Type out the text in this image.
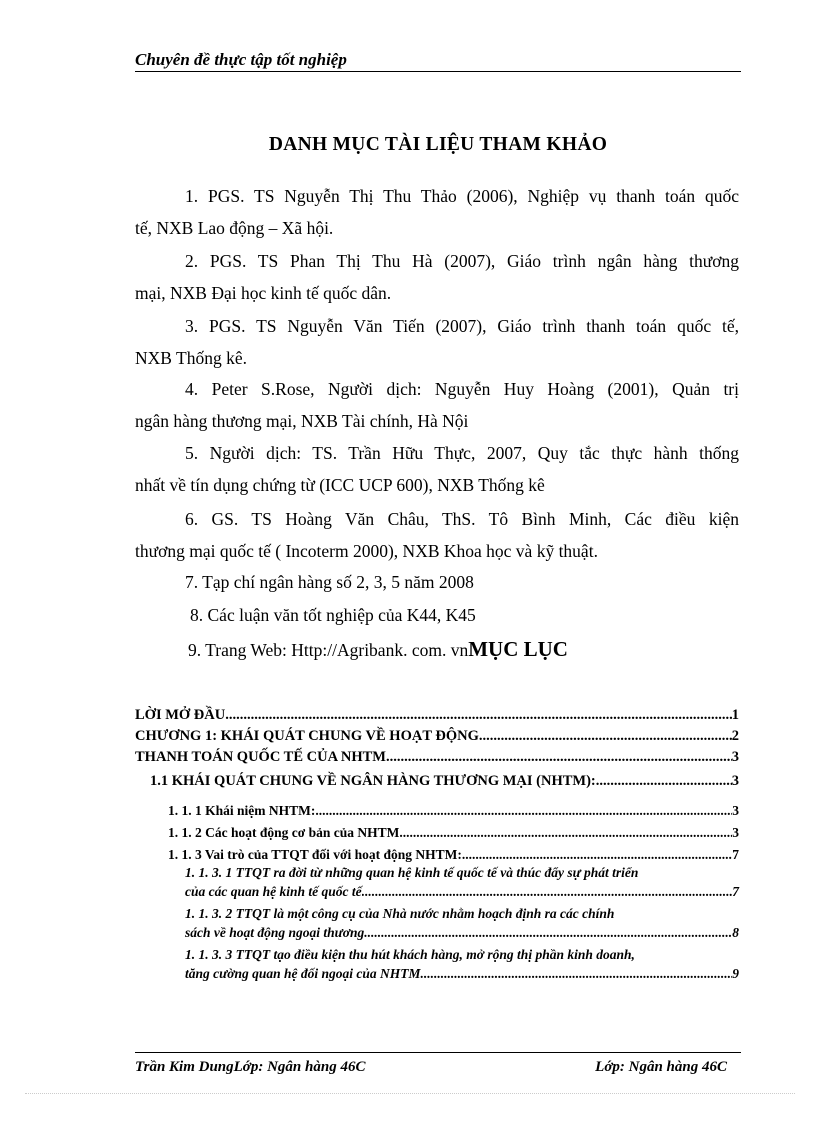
Chuyên đề thực tập tốt nghiệp
DANH MỤC TÀI LIỆU THAM KHẢO
1. PGS. TS Nguyễn Thị Thu Thảo (2006), Nghiệp vụ thanh toán quốc
tế, NXB Lao động – Xã hội.
2. PGS. TS Phan Thị Thu Hà (2007), Giáo trình ngân hàng thương
mại, NXB Đại học kinh tế quốc dân.
3. PGS. TS Nguyễn Văn Tiến (2007), Giáo trình thanh toán quốc tế,
NXB Thống kê.
4. Peter S.Rose, Người dịch: Nguyễn Huy Hoàng (2001), Quản trị
ngân hàng thương mại, NXB Tài chính, Hà Nội
5. Người dịch: TS. Trần Hữu Thực, 2007, Quy tắc thực hành thống
nhất về tín dụng chứng từ (ICC UCP 600), NXB Thống kê
6. GS. TS Hoàng Văn Châu, ThS. Tô Bình Minh, Các điều kiện
thương mại quốc tế ( Incoterm 2000), NXB Khoa học và kỹ thuật.
7. Tạp chí ngân hàng số 2, 3, 5 năm 2008
8. Các luận văn tốt nghiệp của K44, K45
9. Trang Web: Http://Agribank. com. vnMỤC LỤC
LỜI MỞ ĐẦU .....	1
CHƯƠNG 1: KHÁI QUÁT CHUNG VỀ HOẠT ĐỘNG .....	2
THANH TOÁN QUỐC TẾ CỦA NHTM .....	3
1.1 KHÁI QUÁT CHUNG VỀ NGÂN HÀNG THƯƠNG MẠI (NHTM): .....	3
1. 1. 1 Khái niệm NHTM: .....	3
1. 1. 2 Các hoạt động cơ bản của NHTM .....	3
1. 1. 3 Vai trò của TTQT đối với hoạt động NHTM: .....	7
1. 1. 3. 1 TTQT ra đời từ những quan hệ kinh tế quốc tế và thúc đẩy sự phát triển
của các quan hệ kinh tế quốc tế .....	7
1. 1. 3. 2 TTQT là một công cụ của Nhà nước nhằm hoạch định ra các chính
sách về hoạt động ngoại thương .....	8
1. 1. 3. 3 TTQT tạo điều kiện thu hút khách hàng, mở rộng thị phần kinh doanh,
tăng cường quan hệ đối ngoại của NHTM. .....	9
Trần Kim DungLớp: Ngân hàng 46C	Lớp: Ngân hàng 46C
